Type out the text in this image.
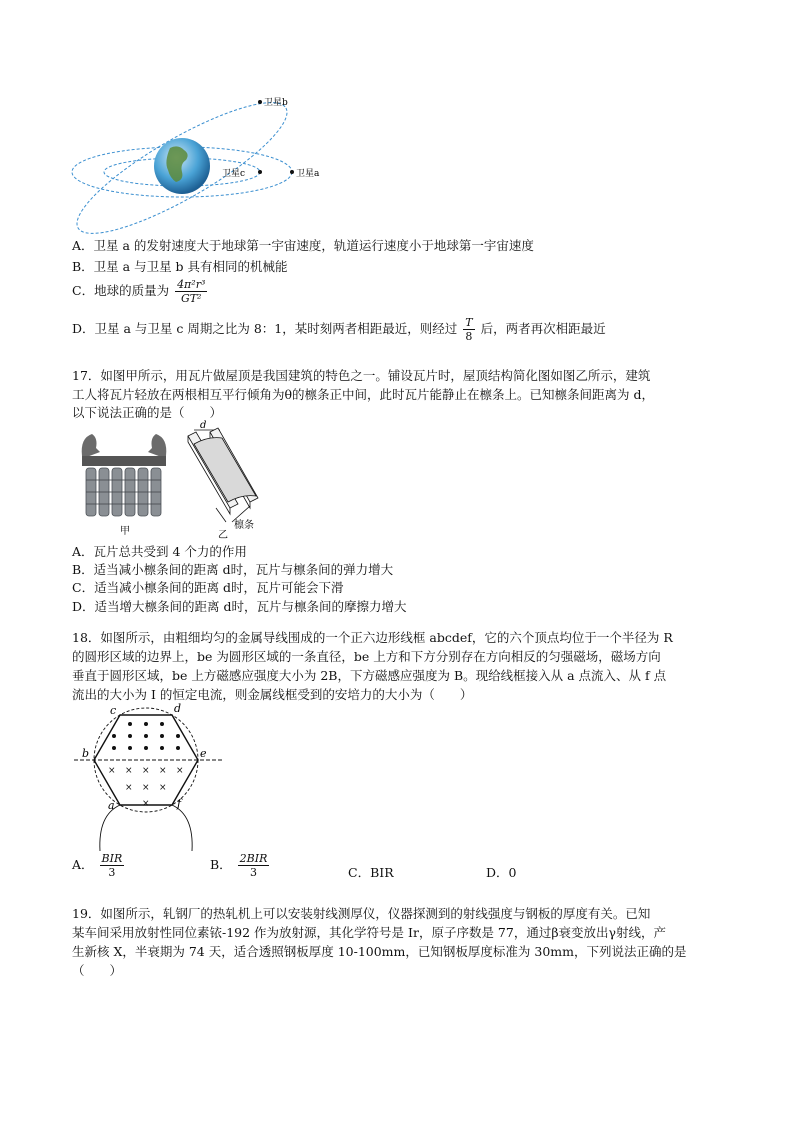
卫星b
卫星c	卫星a
A．卫星 a 的发射速度大于地球第一宇宙速度，轨道运行速度小于地球第一宇宙速度
B．卫星 a 与卫星 b 具有相同的机械能
C．地球的质量为 $\frac{\text{4π²r³}}{\text{GT²}}$
D．卫星 a 与卫星 c 周期之比为 8：1，某时刻两者相距最近，则经过 $\frac{T}{8}$ 后，两者再次相距最近
17．如图甲所示，用瓦片做屋顶是我国建筑的特色之一。铺设瓦片时，屋顶结构简化图如图乙所示，建筑
工人将瓦片轻放在两根相互平行倾角为θ的檩条正中间，此时瓦片能静止在檩条上。已知檩条间距离为 d，
以下说法正确的是（　　）
甲
d
乙
檩条
A．瓦片总共受到 4 个力的作用
B．适当减小檩条间的距离 d时，瓦片与檩条间的弹力增大
C．适当减小檩条间的距离 d时，瓦片可能会下滑
D．适当增大檩条间的距离 d时，瓦片与檩条间的摩擦力增大
18．如图所示，由粗细均匀的金属导线围成的一个正六边形线框 abcdef，它的六个顶点均位于一个半径为 R
的圆形区域的边界上，be 为圆形区域的一条直径，be 上方和下方分别存在方向相反的匀强磁场，磁场方向
垂直于圆形区域，be 上方磁感应强度大小为 2B，下方磁感应强度为 B。现给线框接入从 a 点流入、从 f 点
流出的大小为 I 的恒定电流，则金属线框受到的安培力的大小为（　　）
× × × × ×
× × ×
×
c	d
b	e
a	f
A． $\frac{\text{BIR}}{3}$	B． $\frac{\text{2BIR}}{3}$	C．BIR	D．0
19．如图所示，轧钢厂的热轧机上可以安装射线测厚仪，仪器探测到的射线强度与钢板的厚度有关。已知
某车间采用放射性同位素铱-192 作为放射源，其化学符号是 Ir，原子序数是 77，通过β衰变放出γ射线，产
生新核 X，半衰期为 74 天，适合透照钢板厚度 10-100mm，已知钢板厚度标准为 30mm，下列说法正确的是
（　　）
